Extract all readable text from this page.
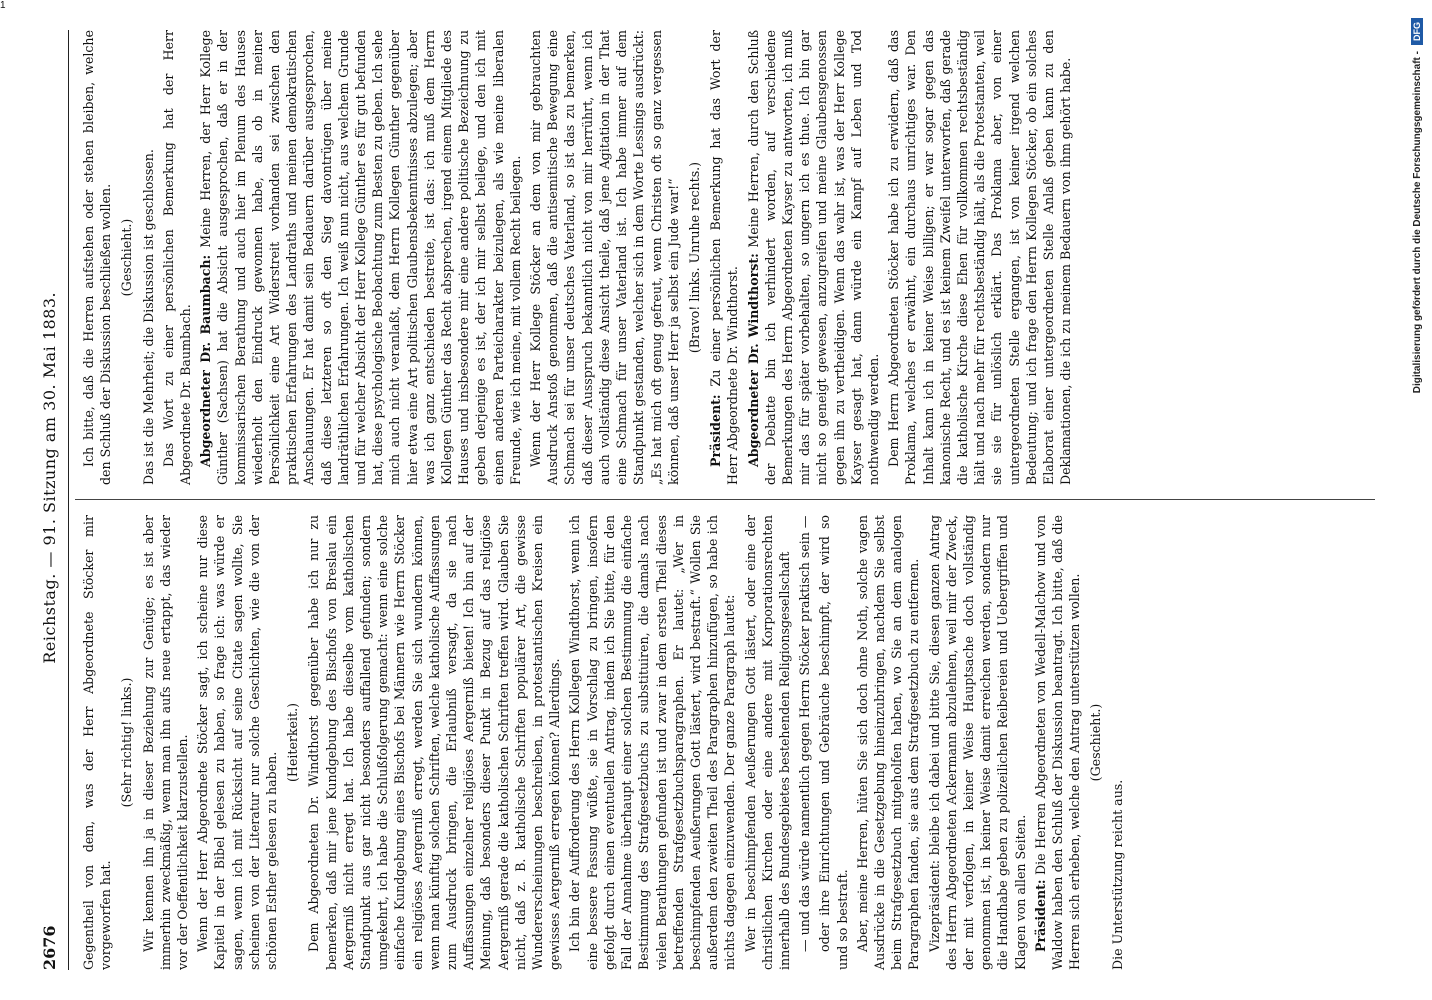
1
2676
Reichstag. — 91. Sitzung am 30. Mai 1883.

Gegentheil von dem, was der Herr Abgeordnete Stöcker mir vorgeworfen hat.

(Sehr richtig! links.) Wir kennen ihn ja in dieser Beziehung zur Genüge; es ist aber immerhin zweckmäßig, wenn man ihn aufs neue ertappt, das wieder vor der Oeffentlichkeit klarzustellen. Wenn der Herr Abgeordnete Stöcker sagt, ich scheine nur diese Kapitel in der Bibel gelesen zu haben, so frage ich: was würde er sagen, wenn ich mit Rücksicht auf seine Citate sagen wollte, Sie scheinen von der Literatur nur solche Geschichten, wie die von der schönen Esther gelesen zu haben.

(Heiterkeit.) Dem Abgeordneten Dr. Windthorst gegenüber habe ich nur zu bemerken, daß mir jene Kundgebung des Bischofs von Breslau ein Aergerniß nicht erregt hat. Ich habe dieselbe vom katholischen Standpunkt aus gar nicht besonders auffallend gefunden; sondern umgekehrt, ich habe die Schlußfolgerung gemacht: wenn eine solche einfache Kundgebung eines Bischofs bei Männern wie Herrn Stöcker ein religiöses Aergerniß erregt, werden Sie sich wundern können, wenn man künftig solchen Schriften, welche katholische Auffassungen zum Ausdruck bringen, die Erlaubniß versagt, da sie nach Auffassungen einzelner religiöses Aergerniß bieten! Ich bin auf der Meinung, daß besonders dieser Punkt in Bezug auf das religiöse Aergerniß gerade die katholischen Schriften treffen wird. Glauben Sie nicht, daß z. B. katholische Schriften populärer Art, die gewisse Wundererscheinungen beschreiben, in protestantischen Kreisen ein gewisses Aergerniß erregen können? Allerdings. Ich bin der Aufforderung des Herrn Kollegen Windthorst, wenn ich eine bessere Fassung wüßte, sie in Vorschlag zu bringen, insofern gefolgt durch einen eventuellen Antrag, indem ich Sie bitte, für den Fall der Annahme überhaupt einer solchen Bestimmung die einfache Bestimmung des Strafgesetzbuchs zu substituiren, die damals nach vielen Berathungen gefunden ist und zwar in dem ersten Theil dieses betreffenden Strafgesetzbuchsparagraphen. Er lautet: „Wer in beschimpfenden Aeußerungen Gott lästert, wird bestraft.“ Wollen Sie außerdem den zweiten Theil des Paragraphen hinzufügen, so habe ich nichts dagegen einzuwenden. Der ganze Paragraph lautet: Wer in beschimpfenden Aeußerungen Gott lästert, oder eine der christlichen Kirchen oder eine andere mit Korporationsrechten innerhalb des Bundesgebietes bestehenden Religionsgesellschaft — und das würde namentlich gegen Herrn Stöcker praktisch sein — oder ihre Einrichtungen und Gebräuche beschimpft, der wird so und so bestraft. Aber, meine Herren, hüten Sie sich doch ohne Noth, solche vagen Ausdrücke in die Gesetzgebung hineinzubringen, nachdem Sie selbst beim Strafgesetzbuch mitgeholfen haben, wo Sie an dem analogen Paragraphen fanden, sie aus dem Strafgesetzbuch zu entfernen. Vizepräsident: bleibe ich dabei und bitte Sie, diesen ganzen Antrag des Herrn Abgeordneten Ackermann abzulehnen, weil mir der Zweck, der mit verfolgen, in keiner Weise Hauptsache doch vollständig genommen ist, in keiner Weise damit erreichen werden, sondern nur die Handhabe geben zu polizeilichen Reibereien und Uebergriffen und Klagen von allen Seiten. Präsident: Die Herren Abgeordneten von Wedell-Malchow und von Waldow haben den Schluß der Diskussion beantragt. Ich bitte, daß die Herren sich erheben, welche den Antrag unterstützen wollen. (Geschieht.)

Die Unterstützung reicht aus.

Ich bitte, daß die Herren aufstehen oder stehen bleiben, welche den Schluß der Diskussion beschließen wollen. (Geschieht.) Das ist die Mehrheit; die Diskussion ist geschlossen. Das Wort zu einer persönlichen Bemerkung hat der Herr Abgeordnete Dr. Baumbach. Abgeordneter Dr. Baumbach: Meine Herren, der Herr Kollege Günther (Sachsen) hat die Absicht ausgesprochen, daß er in der kommissarischen Berathung und auch hier im Plenum des Hauses wiederholt den Eindruck gewonnen habe, als ob in meiner Persönlichkeit eine Art Widerstreit vorhanden sei zwischen den praktischen Erfahrungen des Landraths und meinen demokratischen Anschauungen. Er hat damit sein Bedauern darüber ausgesprochen, daß diese letzteren so oft den Sieg davontrügen über meine landräthlichen Erfahrungen. Ich weiß nun nicht, aus welchem Grunde und für welcher Absicht der Herr Kollege Günther es für gut befunden hat, diese psychologische Beobachtung zum Besten zu geben. Ich sehe mich auch nicht veranlaßt, dem Herrn Kollegen Günther gegenüber hier etwa eine Art politischen Glaubensbekenntnisses abzulegen; aber was ich ganz entschieden bestreite, ist das: ich muß dem Herrn Kollegen Günther das Recht absprechen, irgend einem Mitgliede des Hauses und insbesondere mir eine andere politische Bezeichnung zu geben derjenige es ist, der ich mir selbst beilege, und den ich mit einen anderen Parteicharakter beizulegen, als wie meine liberalen Freunde, wie ich meine, mit vollem Recht beilegen. Wenn der Herr Kollege Stöcker an dem von mir gebrauchten Ausdruck Anstoß genommen, daß die antisemitische Bewegung eine Schmach sei für unser deutsches Vaterland, so ist das zu bemerken, daß dieser Ausspruch bekanntlich nicht von mir herrührt, wenn ich auch vollständig diese Ansicht theile, daß jene Agitation in der That eine Schmach für unser Vaterland ist. Ich habe immer auf dem Standpunkt gestanden, welcher sich in dem Worte Lessings ausdrückt: „Es hat mich oft genug gefreut, wenn Christen oft so ganz vergessen können, daß unser Herr ja selbst ein Jude war!“ (Bravo! links. Unruhe rechts.)

Präsident: Zu einer persönlichen Bemerkung hat das Wort der Herr Abgeordnete Dr. Windthorst. Abgeordneter Dr. Windthorst: Meine Herren, durch den Schluß der Debatte bin ich verhindert worden, auf verschiedene Bemerkungen des Herrn Abgeordneten Kayser zu antworten, ich muß mir das für später vorbehalten, so ungern ich es thue. Ich bin gar nicht so geneigt gewesen, anzugreifen und meine Glaubensgenossen gegen ihn zu vertheidigen. Wenn das wahr ist, was der Herr Kollege Kayser gesagt hat, dann würde ein Kampf auf Leben und Tod nothwendig werden. Dem Herrn Abgeordneten Stöcker habe ich zu erwidern, daß das Proklama, welches er erwähnt, ein durchaus unrichtiges war. Den Inhalt kann ich in keiner Weise billigen; er war sogar gegen das kanonische Recht, und es ist keinem Zweifel unterworfen, daß gerade die katholische Kirche diese Ehen für vollkommen rechtsbeständig hält und nach mehr für rechtsbeständig hält, als die Protestanten, weil sie sie für unlöslich erklärt. Das Proklama aber, von einer untergeordneten Stelle ergangen, ist von keiner irgend welchen Bedeutung; und ich frage den Herrn Kollegen Stöcker, ob ein solches Elaborat einer untergeordneten Stelle Anlaß geben kann zu den Deklamationen, die ich zu meinem Bedauern von ihm gehört habe.	Digitalisierung gefördert durch die Deutsche Forschungsgemeinschaft -
DFG
